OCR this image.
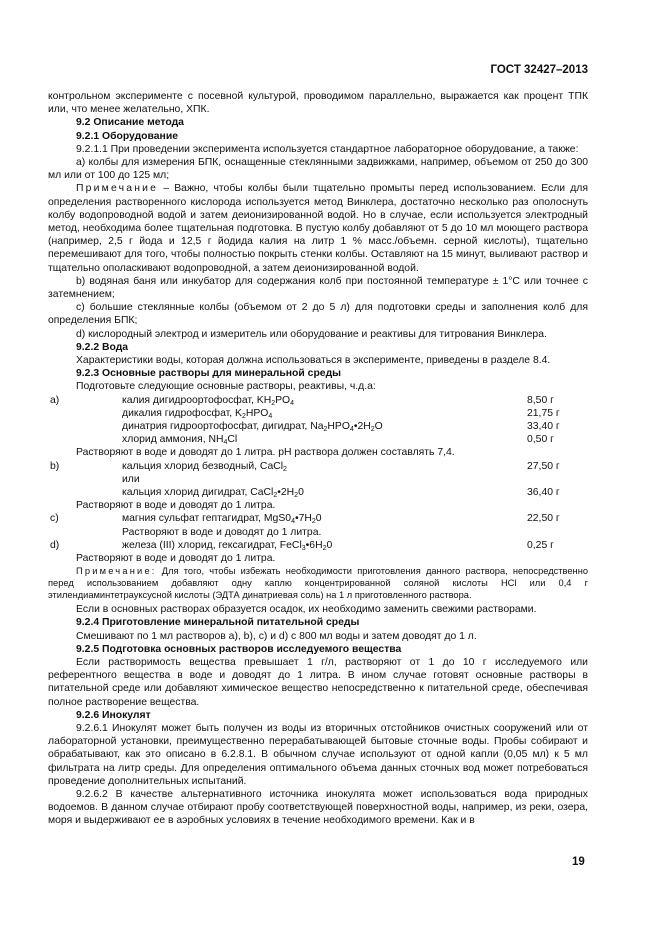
ГОСТ 32427–2013

контрольном эксперименте с посевной культурой, проводимом параллельно, выражается как процент ТПК или, что менее желательно, ХПК.

9.2 Описание метода

9.2.1 Оборудование

9.2.1.1 При проведении эксперимента используется стандартное лабораторное оборудование, а также:

а) колбы для измерения БПК, оснащенные стеклянными задвижками, например, объемом от 250 до 300 мл или от 100 до 125 мл;

Примечание – Важно, чтобы колбы были тщательно промыты перед использованием. Если для определения растворенного кислорода используется метод Винклера, достаточно несколько раз ополоснуть колбу водопроводной водой и затем деионизированной водой. Но в случае, если используется электродный метод, необходима более тщательная подготовка. В пустую колбу добавляют от 5 до 10 мл моющего раствора (например, 2,5 г йода и 12,5 г йодида калия на литр 1 % масс./объемн. серной кислоты), тщательно перемешивают для того, чтобы полностью покрыть стенки колбы. Оставляют на 15 минут, выливают раствор и тщательно ополаскивают водопроводной, а затем деионизированной водой.

b) водяная баня или инкубатор для содержания колб при постоянной температуре ± 1°С или точнее с затемнением;

с) большие стеклянные колбы (объемом от 2 до 5 л) для подготовки среды и заполнения колб для определения БПК;

d) кислородный электрод и измеритель или оборудование и реактивы для титрования Винклера.

9.2.2 Вода

Характеристики воды, которая должна использоваться в эксперименте, приведены в разделе 8.4.

9.2.3 Основные растворы для минеральной среды

Подготовьте следующие основные растворы, реактивы, ч.д.а:

а)	калия дигидроортофосфат, $KH_2PO_4$	8,50 г
дикалия гидрофосфат, $K_2HPO_4$	21,75 г
динатрия гидроортофосфат, дигидрат, $Na_2HPO_4•2H_2O$	33,40 г
хлорид аммония, $NH_4Cl$	0,50 г
Растворяют в воде и доводят до 1 литра. pH раствора должен составлять 7,4.
b)	кальция хлорид безводный, CaCl$_2$	27,50 г
или
кальция хлорид дигидрат, $CaCl_2•2H_20$	36,40 г
Растворяют в воде и доводят до 1 литра.
с)	магния сульфат гептагидрат, $MgS0_4•7H_20$	22,50 г
Растворяют в воде и доводят до 1 литра.
d)	железа (III) хлорид, гексагидрат, $FeCl_3•6H_20$	0,25 г
Растворяют в воде и доводят до 1 литра.

Примечание: Для того, чтобы избежать необходимости приготовления данного раствора, непосредственно перед использованием добавляют одну каплю концентрированной соляной кислоты HCl или 0,4 г этилендиаминтетрауксусной кислоты (ЭДТА динатриевая соль) на 1 л приготовленного раствора.

Если в основных растворах образуется осадок, их необходимо заменить свежими растворами.

9.2.4 Приготовление минеральной питательной среды

Смешивают по 1 мл растворов а), b), с) и d) с 800 мл воды и затем доводят до 1 л.

9.2.5 Подготовка основных растворов исследуемого вещества

Если растворимость вещества превышает 1 г/л, растворяют от 1 до 10 г исследуемого или референтного вещества в воде и доводят до 1 литра. В ином случае готовят основные растворы в питательной среде или добавляют химическое вещество непосредственно к питательной среде, обеспечивая полное растворение вещества.

9.2.6 Инокулят

9.2.6.1 Инокулят может быть получен из воды из вторичных отстойников очистных сооружений или от лабораторной установки, преимущественно перерабатывающей бытовые сточные воды. Пробы собирают и обрабатывают, как это описано в 6.2.8.1. В обычном случае используют от одной капли (0,05 мл) к 5 мл фильтрата на литр среды. Для определения оптимального объема данных сточных вод может потребоваться проведение дополнительных испытаний.

9.2.6.2 В качестве альтернативного источника инокулята может использоваться вода природных водоемов. В данном случае отбирают пробу соответствующей поверхностной воды, например, из реки, озера, моря и выдерживают ее в аэробных условиях в течение необходимого времени. Как и в

19
